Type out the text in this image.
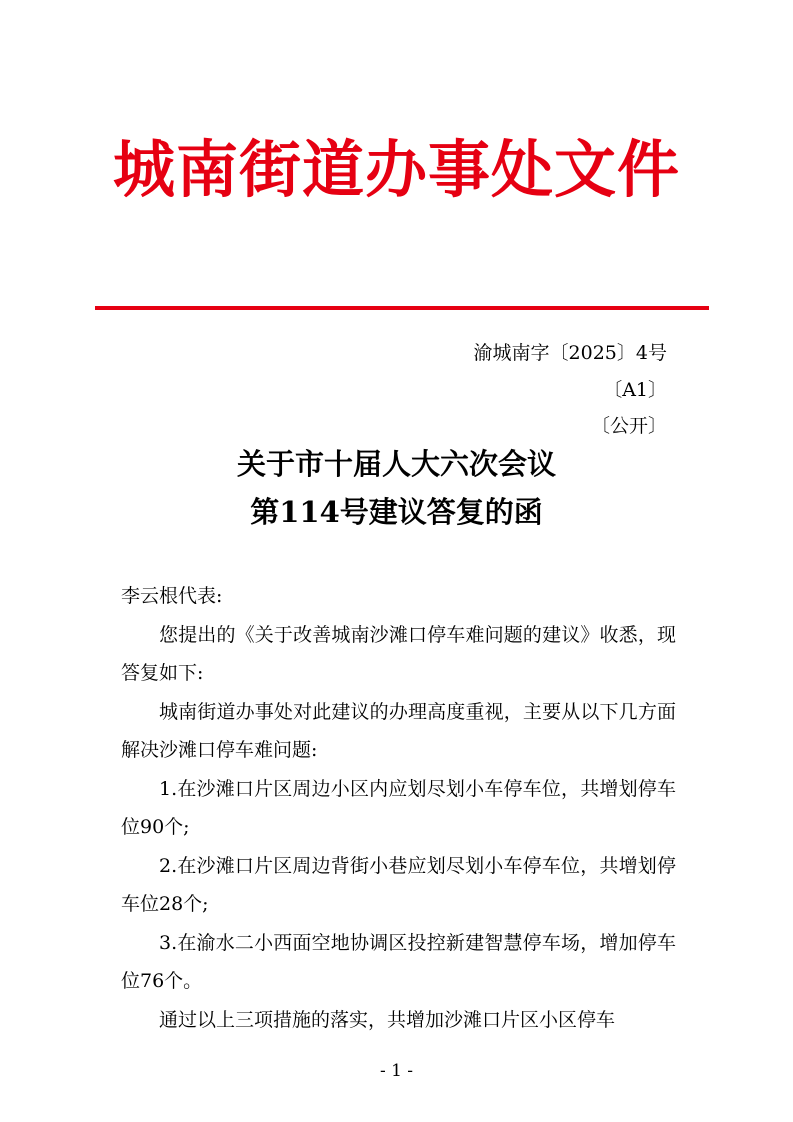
城南街道办事处文件
渝城南字〔2025〕4号
〔A1〕
〔公开〕
关于市十届人大六次会议
第114号建议答复的函

李云根代表:

您提出的《关于改善城南沙滩口停车难问题的建议》收悉，现答复如下:

城南街道办事处对此建议的办理高度重视，主要从以下几方面解决沙滩口停车难问题:

1.在沙滩口片区周边小区内应划尽划小车停车位，共增划停车位90个;

2.在沙滩口片区周边背街小巷应划尽划小车停车位，共增划停车位28个;

3.在渝水二小西面空地协调区投控新建智慧停车场，增加停车位76个。

通过以上三项措施的落实，共增加沙滩口片区小区停车

- 1 -
